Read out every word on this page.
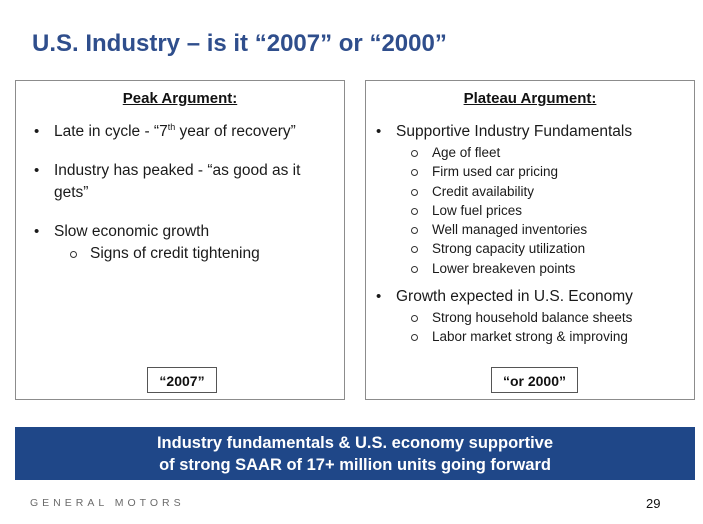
U.S. Industry – is it “2007” or “2000”
Peak Argument:
• Late in cycle - “7th year of recovery”
• Industry has peaked - “as good as it gets”
• Slow economic growth
Signs of credit tightening
“2007”
Plateau Argument:
• Supportive Industry Fundamentals
Age of fleet
Firm used car pricing
Credit availability
Low fuel prices
Well managed inventories
Strong capacity utilization
Lower breakeven points
• Growth expected in U.S. Economy
Strong household balance sheets
Labor market strong & improving
“or 2000”
Industry fundamentals & U.S. economy supportive
of strong SAAR of 17+ million units going forward
GENERAL MOTORS	29
